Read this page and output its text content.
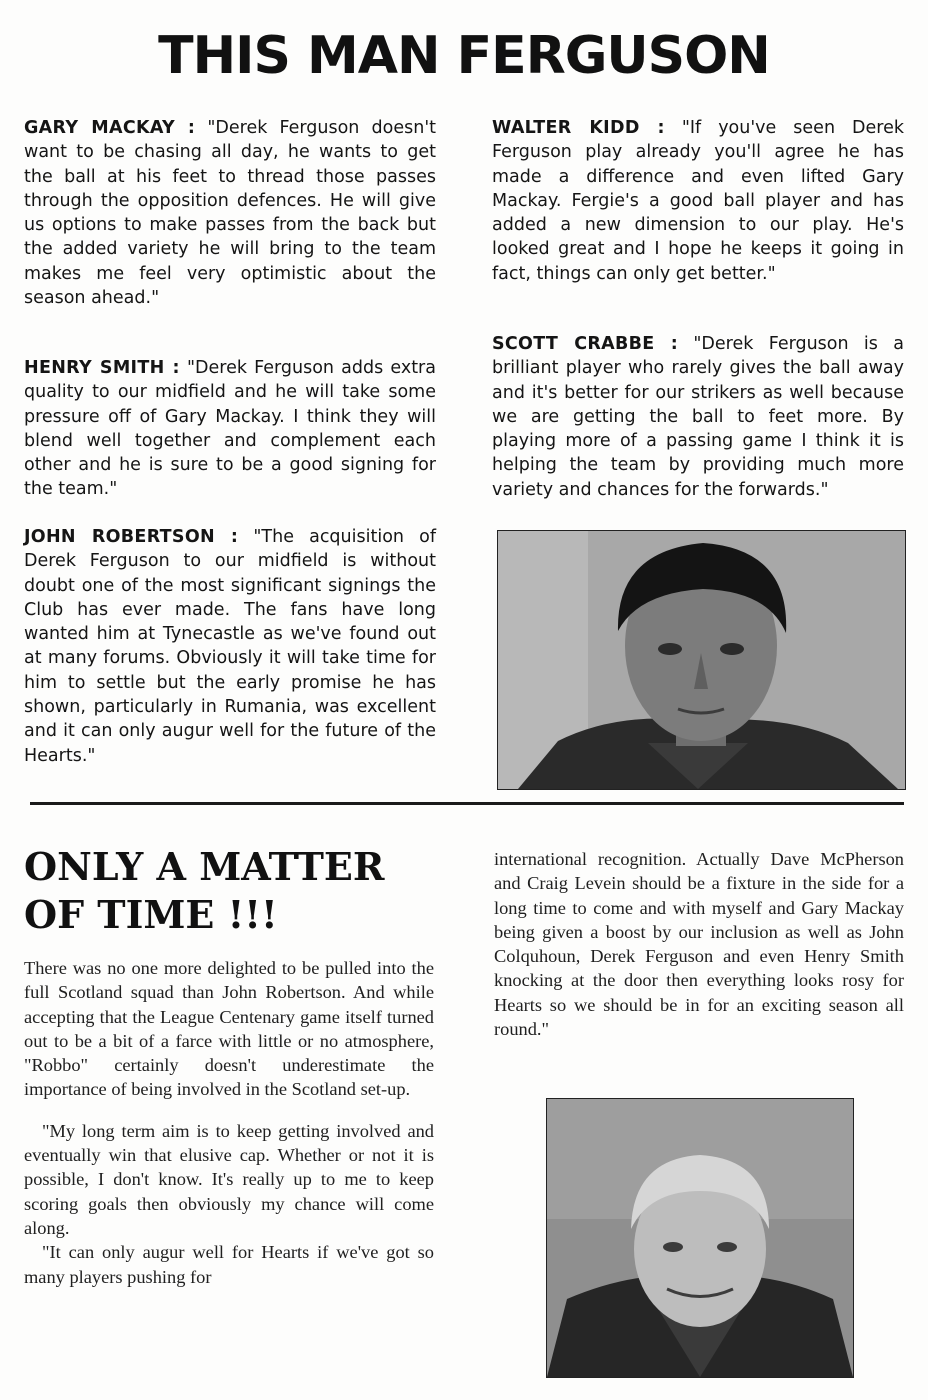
THIS MAN FERGUSON

GARY MACKAY : "Derek Ferguson doesn't want to be chasing all day, he wants to get the ball at his feet to thread those passes through the opposition defences. He will give us options to make passes from the back but the added variety he will bring to the team makes me feel very optimistic about the season ahead."

HENRY SMITH : "Derek Ferguson adds extra quality to our midfield and he will take some pressure off of Gary Mackay. I think they will blend well together and complement each other and he is sure to be a good signing for the team."

JOHN ROBERTSON : "The acquisition of Derek Ferguson to our midfield is without doubt one of the most significant signings the Club has ever made. The fans have long wanted him at Tynecastle as we've found out at many forums. Obviously it will take time for him to settle but the early promise he has shown, particularly in Rumania, was excellent and it can only augur well for the future of the Hearts."

WALTER KIDD : "If you've seen Derek Ferguson play already you'll agree he has made a difference and even lifted Gary Mackay. Fergie's a good ball player and has added a new dimension to our play. He's looked great and I hope he keeps it going in fact, things can only get better."

SCOTT CRABBE : "Derek Ferguson is a brilliant player who rarely gives the ball away and it's better for our strikers as well because we are getting the ball to feet more. By playing more of a passing game I think it is helping the team by providing much more variety and chances for the forwards."

ONLY A MATTER OF TIME !!!

There was no one more delighted to be pulled into the full Scotland squad than John Robertson. And while accepting that the League Centenary game itself turned out to be a bit of a farce with little or no atmosphere, "Robbo" certainly doesn't underestimate the importance of being involved in the Scotland set-up.

"My long term aim is to keep getting involved and eventually win that elusive cap. Whether or not it is possible, I don't know. It's really up to me to keep scoring goals then obviously my chance will come along.

"It can only augur well for Hearts if we've got so many players pushing for

international recognition. Actually Dave McPherson and Craig Levein should be a fixture in the side for a long time to come and with myself and Gary Mackay being given a boost by our inclusion as well as John Colquhoun, Derek Ferguson and even Henry Smith knocking at the door then everything looks rosy for Hearts so we should be in for an exciting season all round."
